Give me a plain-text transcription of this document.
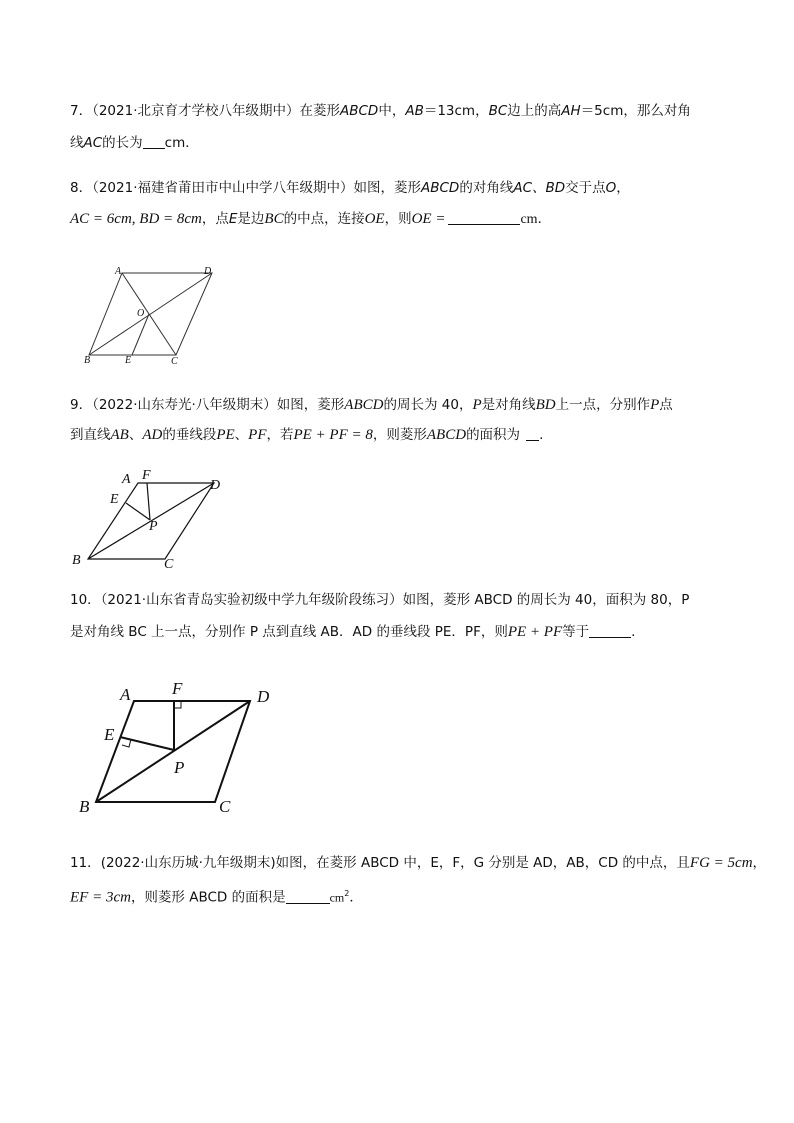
7．（2021·北京育才学校八年级期中）在菱形ABCD中，AB＝13cm，BC边上的高AH＝5cm，那么对角
线AC的长为 cm．
8．（2021·福建省莆田市中山中学八年级期中）如图，菱形ABCD的对角线AC、BD交于点O，
AC = 6cm, BD = 8cm，点E是边BC的中点，连接OE，则OE =	cm．
A	D
O
B	E	C
9．（2022·山东寿光·八年级期末）如图，菱形ABCD的周长为 40，P是对角线BD上一点，分别作P点
到直线AB、AD的垂线段PE、PF，若PE + PF = 8，则菱形ABCD的面积为 .
A F
D
E
P
B	C
10．（2021·山东省青岛实验初级中学九年级阶段练习）如图，菱形 ABCD 的周长为 40，面积为 80，P
是对角线 BC 上一点，分别作 P 点到直线 AB．AD 的垂线段 PE．PF，则PE + PF等于	.
A F	D
E
P
B	C
11．(2022·山东历城·九年级期末)如图，在菱形 ABCD 中，E，F，G 分别是 AD，AB，CD 的中点，且FG = 5cm，
EF = 3cm，则菱形 ABCD 的面积是	$cm^2$．
